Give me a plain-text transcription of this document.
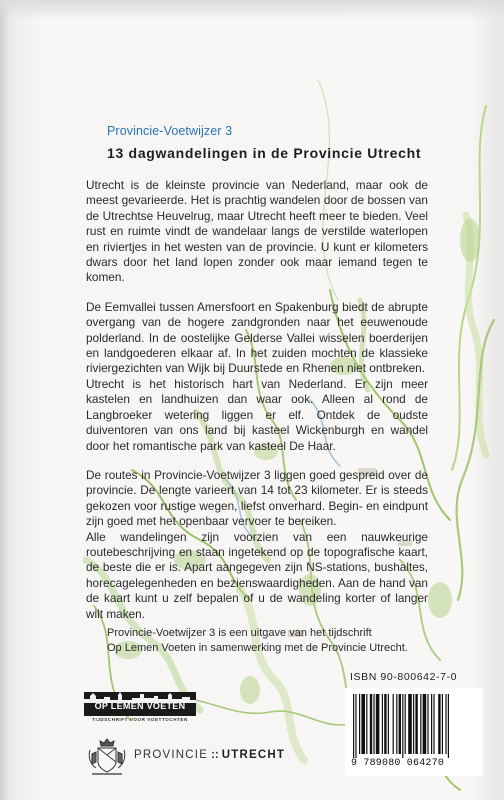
Provincie-Voetwijzer 3
13 dagwandelingen in de Provincie Utrecht

Utrecht is de kleinste provincie van Nederland, maar ook de meest gevarieerde. Het is prachtig wandelen door de bossen van de Utrechtse Heuvelrug, maar Utrecht heeft meer te bieden. Veel rust en ruimte vindt de wandelaar langs de verstilde waterlopen en riviertjes in het westen van de provincie. U kunt er kilometers dwars door het land lopen zonder ook maar iemand tegen te komen.

De Eemvallei tussen Amersfoort en Spakenburg biedt de abrupte overgang van de hogere zandgronden naar het eeuwenoude polderland. In de oostelijke Gelderse Vallei wisselen boerderijen en landgoederen elkaar af. In het zuiden mochten de klassieke riviergezichten van Wijk bij Duurstede en Rhenen niet ontbreken.

Utrecht is het historisch hart van Nederland. Er zijn meer kastelen en landhuizen dan waar ook. Alleen al rond de Langbroeker wetering liggen er elf. Ontdek de oudste duiventoren van ons land bij kasteel Wickenburgh en wandel door het romantische park van kasteel De Haar.

De routes in Provincie-Voetwijzer 3 liggen goed gespreid over de provincie. De lengte varieert van 14 tot 23 kilometer. Er is steeds gekozen voor rustige wegen, liefst onverhard. Begin- en eindpunt zijn goed met het openbaar vervoer te bereiken.

Alle wandelingen zijn voorzien van een nauwkeurige routebeschrijving en staan ingetekend op de topografische kaart, de beste die er is. Apart aangegeven zijn NS-stations, bushaltes, horecagelegenheden en bezienswaardigheden. Aan de hand van de kaart kunt u zelf bepalen of u de wandeling korter of langer wilt maken.

Provincie-Voetwijzer 3 is een uitgave van het tijdschrift
Op Lemen Voeten in samenwerking met de Provincie Utrecht.
ISBN 90-800642-7-0
OP LEMEN VOETEN
TIJDSCHRIFT VOOR VOETTOCHTEN
PROVINCIE :: UTRECHT
9 789080 064270
